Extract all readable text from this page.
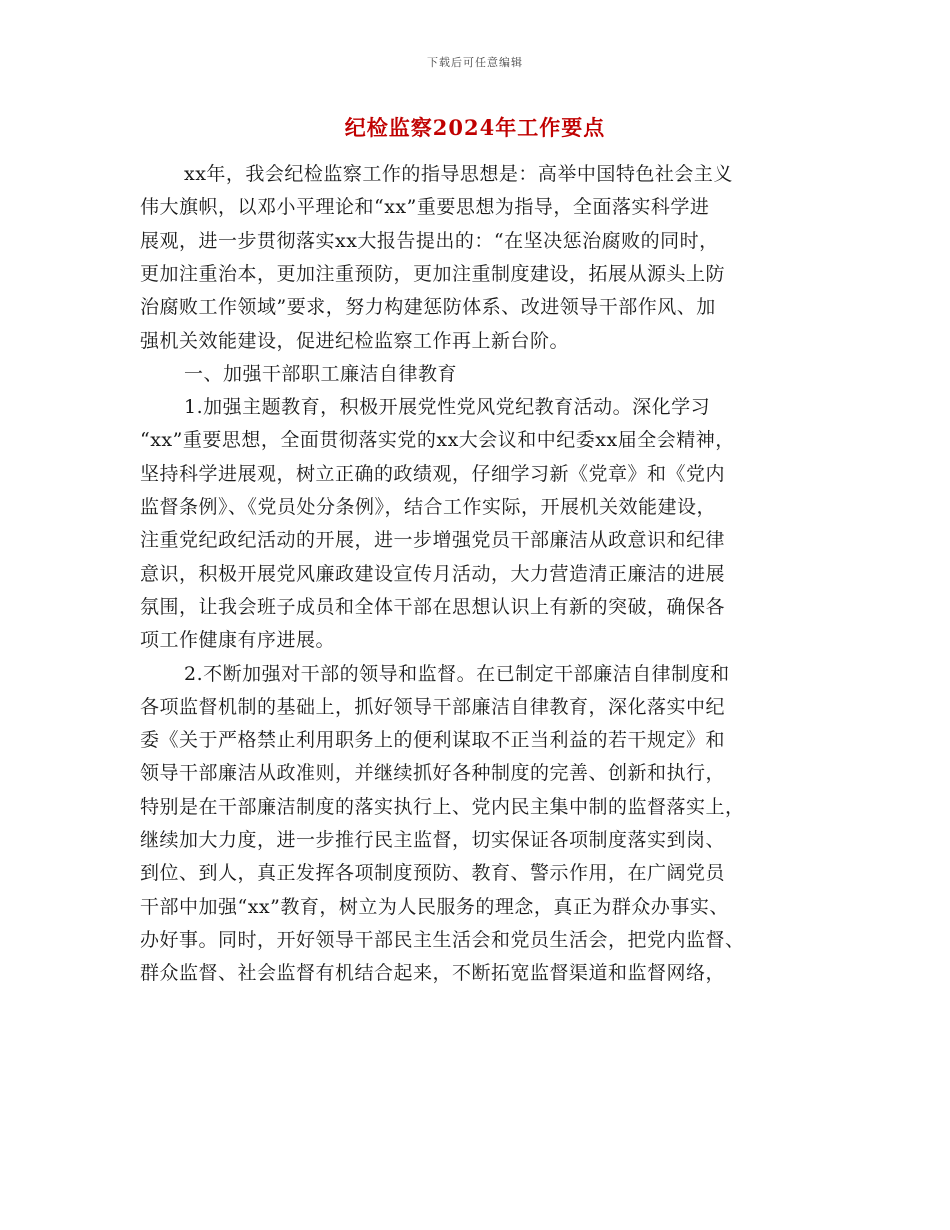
下载后可任意编辑
纪检监察2024年工作要点
xx年，我会纪检监察工作的指导思想是：高举中国特色社会主义
伟大旗帜，以邓小平理论和“xx”重要思想为指导，全面落实科学进
展观，进一步贯彻落实xx大报告提出的：“在坚决惩治腐败的同时，
更加注重治本，更加注重预防，更加注重制度建设，拓展从源头上防
治腐败工作领域”要求，努力构建惩防体系、改进领导干部作风、加
强机关效能建设，促进纪检监察工作再上新台阶。
一、加强干部职工廉洁自律教育
1.加强主题教育，积极开展党性党风党纪教育活动。深化学习
“xx”重要思想，全面贯彻落实党的xx大会议和中纪委xx届全会精神，
坚持科学进展观，树立正确的政绩观，仔细学习新《党章》和《党内
监督条例》、《党员处分条例》，结合工作实际，开展机关效能建设，
注重党纪政纪活动的开展，进一步增强党员干部廉洁从政意识和纪律
意识，积极开展党风廉政建设宣传月活动，大力营造清正廉洁的进展
氛围，让我会班子成员和全体干部在思想认识上有新的突破，确保各
项工作健康有序进展。
2.不断加强对干部的领导和监督。在已制定干部廉洁自律制度和
各项监督机制的基础上，抓好领导干部廉洁自律教育，深化落实中纪
委《关于严格禁止利用职务上的便利谋取不正当利益的若干规定》和
领导干部廉洁从政准则，并继续抓好各种制度的完善、创新和执行，
特别是在干部廉洁制度的落实执行上、党内民主集中制的监督落实上，
继续加大力度，进一步推行民主监督，切实保证各项制度落实到岗、
到位、到人，真正发挥各项制度预防、教育、警示作用，在广阔党员
干部中加强“xx”教育，树立为人民服务的理念，真正为群众办事实、
办好事。同时，开好领导干部民主生活会和党员生活会，把党内监督、
群众监督、社会监督有机结合起来，不断拓宽监督渠道和监督网络，
